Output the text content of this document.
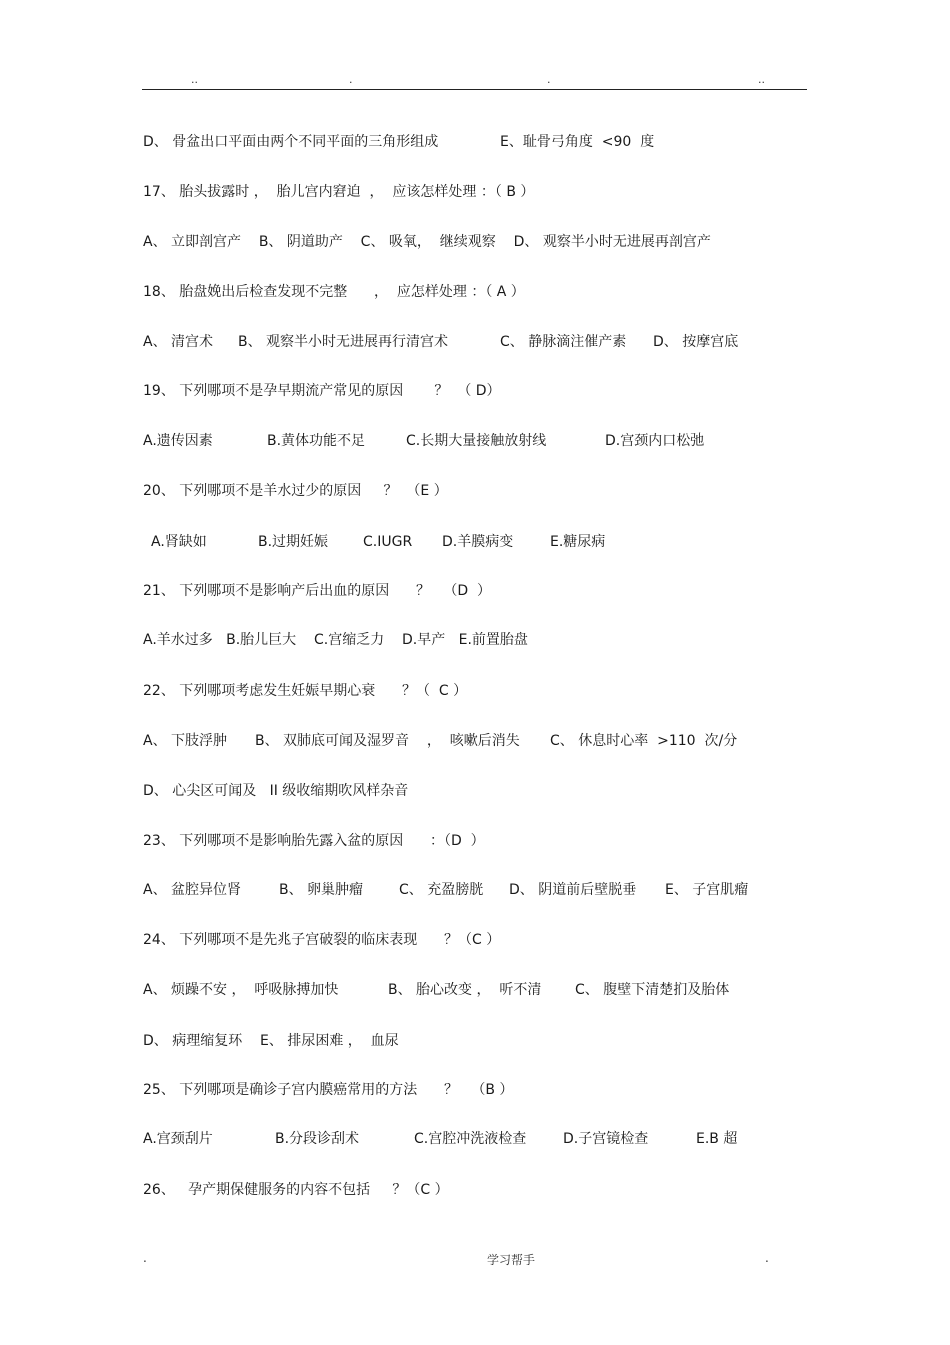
..	.	.	..
D、 骨盆出口平面由两个不同平面的三角形组成	E、耻骨弓角度  <90  度
17、 胎头拔露时 ，  胎儿宫内窘迫  ，  应该怎样处理 ：（ B ）
A、 立即剖宫产    B、 阴道助产    C、 吸氧，  继续观察    D、 观察半小时无进展再剖宫产
18、 胎盘娩出后检查发现不完整      ，  应怎样处理 ：（ A ）
A、 清宫术 B、 观察半小时无进展再行清宫术	C、 静脉滴注催产素 D、 按摩宫底
19、 下列哪项不是孕早期流产常见的原因       ？  （ D）
A.遗传因素	B.黄体功能不足	C.长期大量接触放射线	D.宫颈内口松弛
20、 下列哪项不是羊水过少的原因     ？  （E ）
A.肾缺如	B.过期妊娠 C.IUGR D.羊膜病变	E.糖尿病
21、 下列哪项不是影响产后出血的原因      ？   （D  ）
A.羊水过多   B.胎儿巨大    C.宫缩乏力    D.早产   E.前置胎盘
22、 下列哪项考虑发生妊娠早期心衰      ？（  C ）
A、 下肢浮肿 B、 双肺底可闻及湿罗音    ，  咳嗽后消失 C、 休息时心率  >110  次/分
D、 心尖区可闻及   II 级收缩期吹风样杂音
23、 下列哪项不是影响胎先露入盆的原因      ：（D  ）
A、 盆腔异位肾	B、 卵巢肿瘤	C、 充盈膀胱 D、 阴道前后壁脱垂 E、 子宫肌瘤
24、 下列哪项不是先兆子宫破裂的临床表现      ？（C ）
A、 烦躁不安 ，  呼吸脉搏加快	B、 胎心改变 ，  听不清 C、 腹壁下清楚扪及胎体
D、 病理缩复环    E、 排尿困难 ，  血尿
25、 下列哪项是确诊子宫内膜癌常用的方法      ？   （B ）
A.宫颈刮片	B.分段诊刮术	C.宫腔冲洗液检查	D.子宫镜检查	E.B 超
26、   孕产期保健服务的内容不包括     ？（C ）
.	学习帮手	.
